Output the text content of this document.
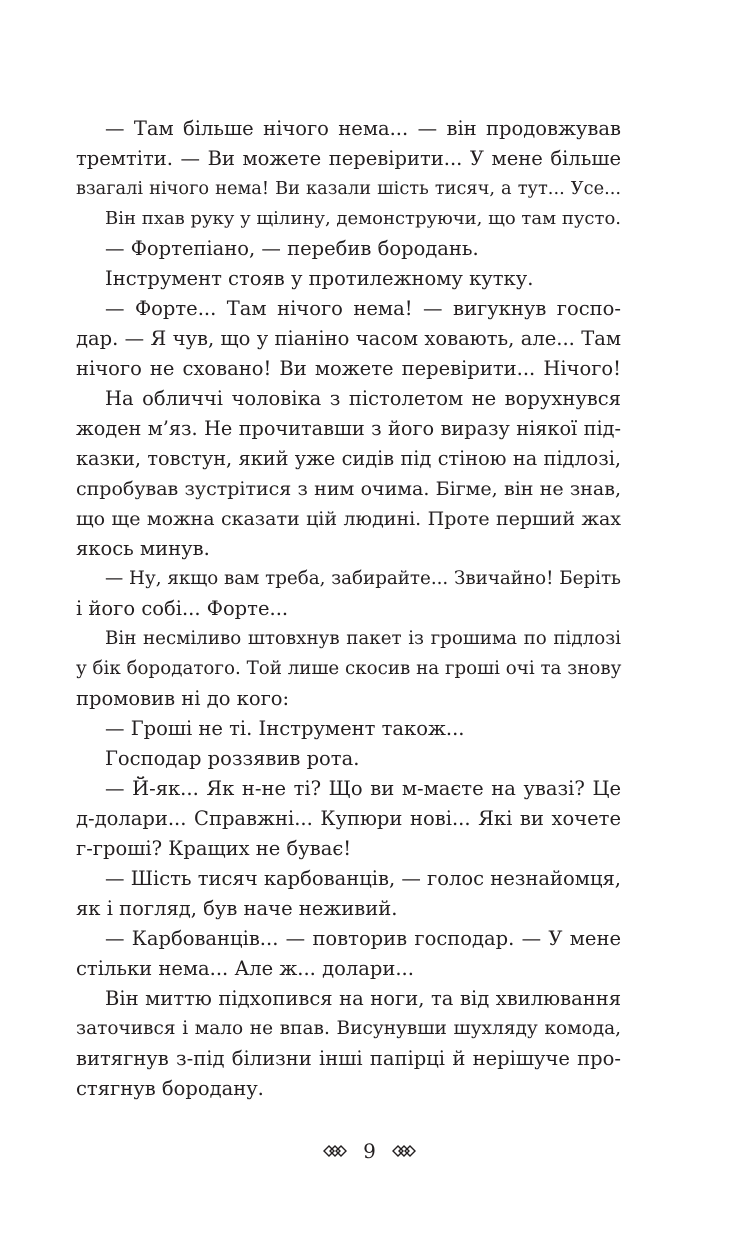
— Там більше нічого нема... — він продовжував
тремтіти. — Ви можете перевірити... У мене більше
взагалі нічого нема! Ви казали шість тисяч, а тут... Усе...

Він пхав руку у щілину, демонструючи, що там пусто.

— Фортепіано, — перебив бородань.

Інструмент стояв у протилежному кутку.

— Форте... Там нічого нема! — вигукнув госпо-
дар. — Я чув, що у піаніно часом ховають, але... Там
нічого не сховано! Ви можете перевірити... Нічого!

На обличчі чоловіка з пістолетом не ворухнувся
жоден м’яз. Не прочитавши з його виразу ніякої під-
казки, товстун, який уже сидів під стіною на підлозі,
спробував зустрітися з ним очима. Бігме, він не знав,
що ще можна сказати цій людині. Проте перший жах
якось минув.

— Ну, якщо вам треба, забирайте... Звичайно! Беріть
і його собі... Форте...

Він несміливо штовхнув пакет із грошима по підлозі
у бік бородатого. Той лише скосив на гроші очі та знову
промовив ні до кого:

— Гроші не ті. Інструмент також...

Господар роззявив рота.

— Й-як... Як н-не ті? Що ви м-маєте на увазі? Це
д-долари... Справжні... Купюри нові... Які ви хочете
г-гроші? Кращих не буває!

— Шість тисяч карбованців, — голос незнайомця,
як і погляд, був наче неживий.

— Карбованців... — повторив господар. — У мене
стільки нема... Але ж... долари...

Він миттю підхопився на ноги, та від хвилювання
заточився і мало не впав. Висунувши шухляду комода,
витягнув з-під білизни інші папірці й нерішуче про-
стягнув бородану.

9
